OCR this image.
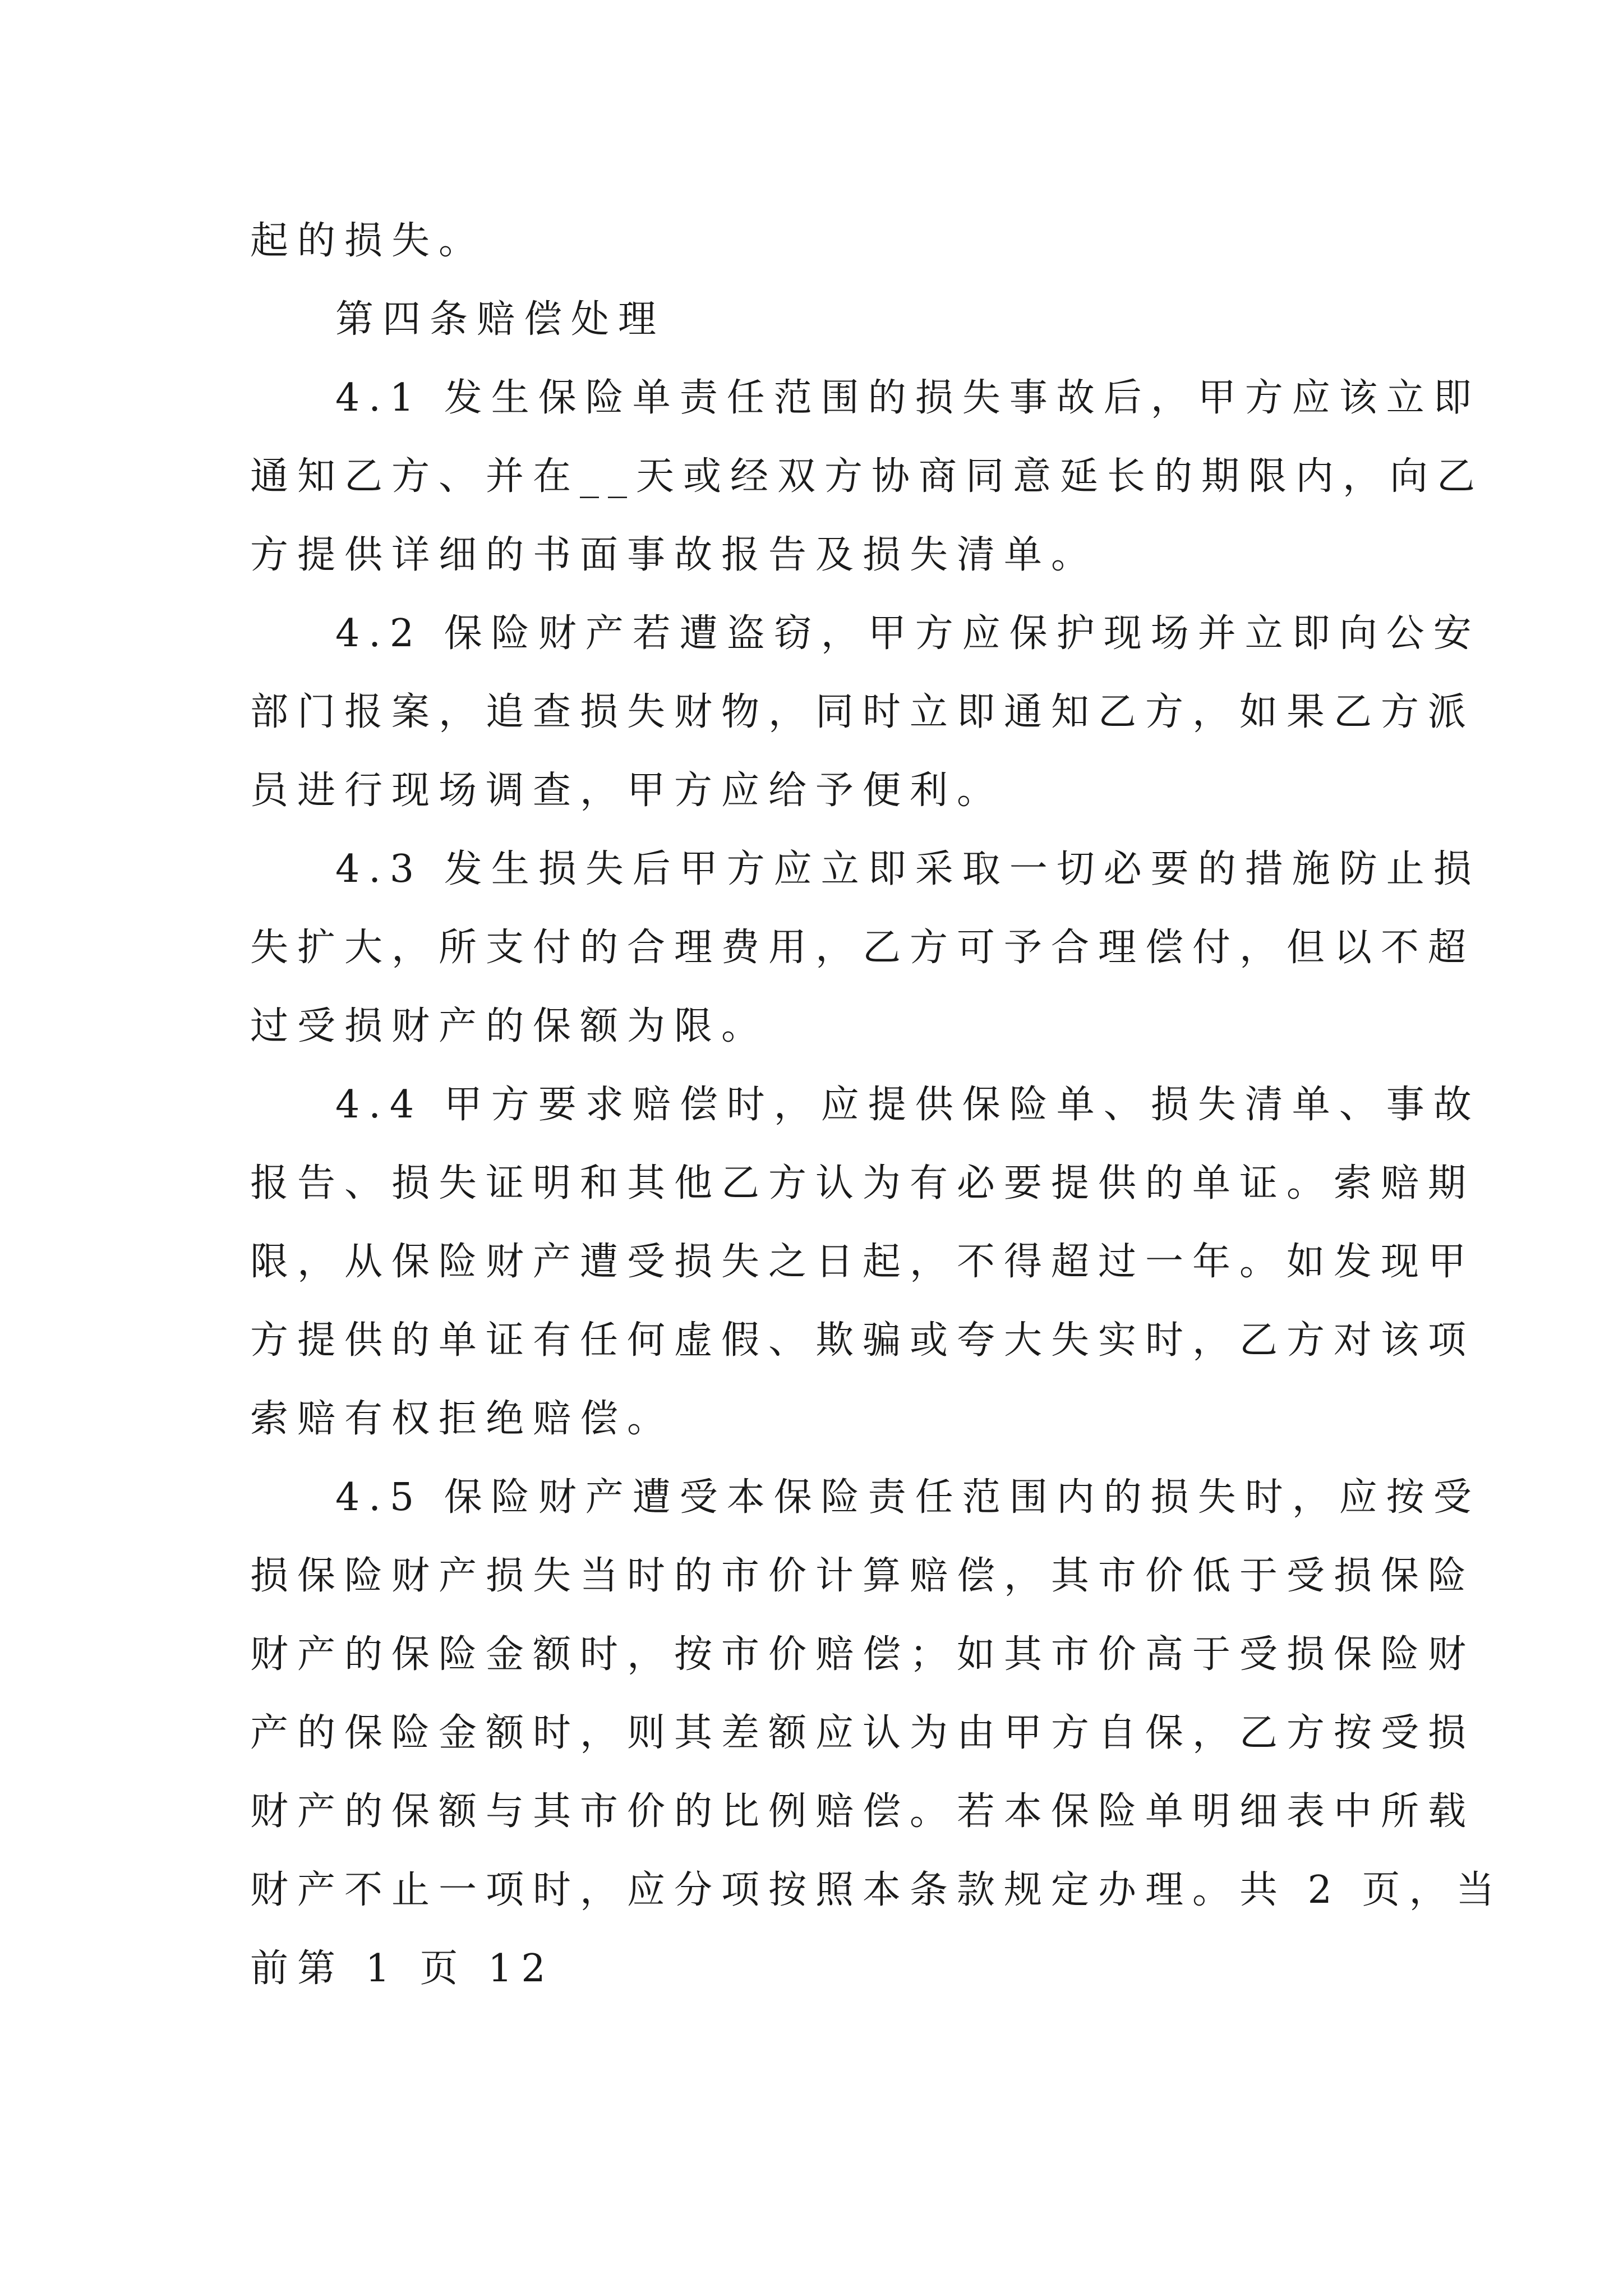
起的损失。
第四条赔偿处理
4.1 发生保险单责任范围的损失事故后，甲方应该立即
通知乙方、并在__天或经双方协商同意延长的期限内，向乙
方提供详细的书面事故报告及损失清单。
4.2 保险财产若遭盗窃，甲方应保护现场并立即向公安
部门报案，追查损失财物，同时立即通知乙方，如果乙方派
员进行现场调查，甲方应给予便利。
4.3 发生损失后甲方应立即采取一切必要的措施防止损
失扩大，所支付的合理费用，乙方可予合理偿付，但以不超
过受损财产的保额为限。
4.4 甲方要求赔偿时，应提供保险单、损失清单、事故
报告、损失证明和其他乙方认为有必要提供的单证。索赔期
限，从保险财产遭受损失之日起，不得超过一年。如发现甲
方提供的单证有任何虚假、欺骗或夸大失实时，乙方对该项
索赔有权拒绝赔偿。
4.5 保险财产遭受本保险责任范围内的损失时，应按受
损保险财产损失当时的市价计算赔偿，其市价低于受损保险
财产的保险金额时，按市价赔偿；如其市价高于受损保险财
产的保险金额时，则其差额应认为由甲方自保，乙方按受损
财产的保额与其市价的比例赔偿。若本保险单明细表中所载
财产不止一项时，应分项按照本条款规定办理。共 2 页，当
前第 1 页 12
